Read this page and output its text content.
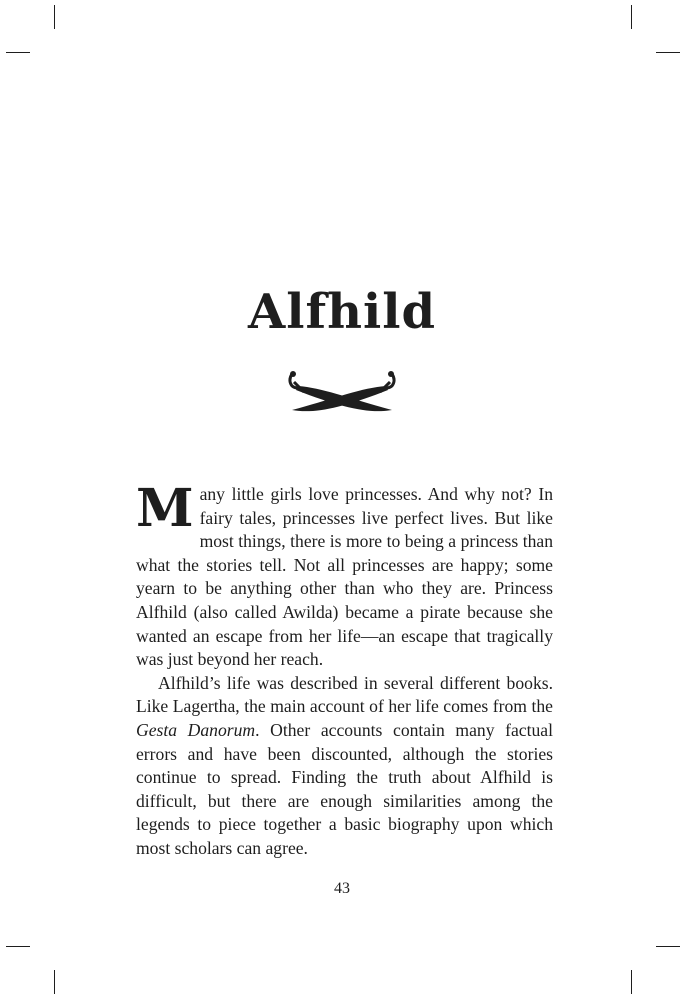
Alfhild

Many little girls love princesses. And why not? In fairy tales, princesses live perfect lives. But like most things, there is more to being a princess than what the stories tell. Not all princesses are happy; some yearn to be anything other than who they are. Princess Alfhild (also called Awilda) became a pirate because she wanted an escape from her life—an escape that tragically was just beyond her reach.

Alfhild’s life was described in several different books. Like Lagertha, the main account of her life comes from the Gesta Danorum. Other accounts contain many factual errors and have been discounted, although the stories continue to spread. Finding the truth about Alfhild is difficult, but there are enough similarities among the legends to piece together a basic biography upon which most scholars can agree.

43
